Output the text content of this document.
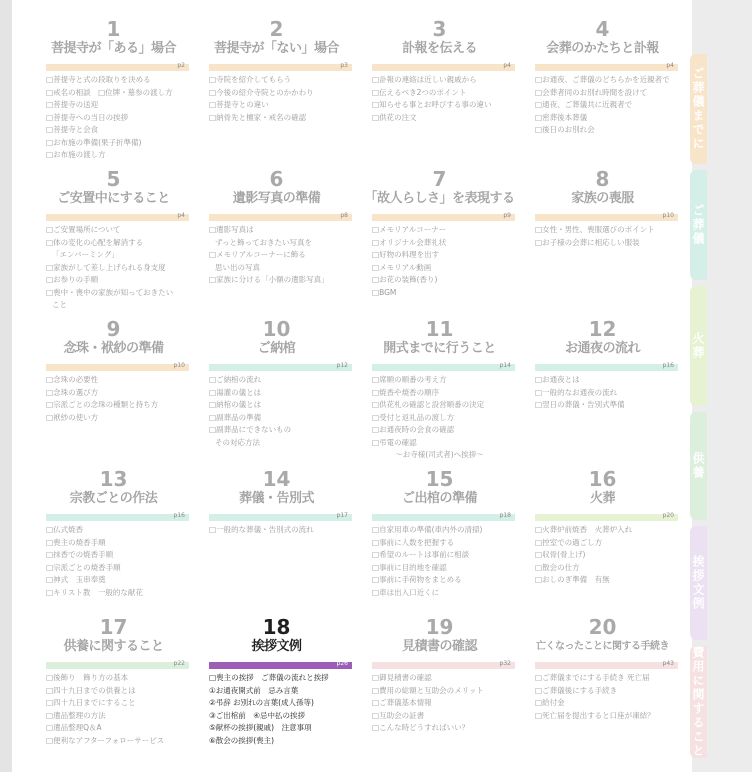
1
菩提寺が「ある」場合
p2
□菩提寺と式の段取りを決める
□戒名の相談　□位牌・墓参の渡し方
□菩提寺の送迎
□菩提寺への当日の挨拶
□菩提寺と会食
□お布施の準備(果子折準備)
□お布施の渡し方
2
菩提寺が「ない」場合
p3
□寺院を紹介してもらう
□今後の紹介寺院とのかかわり
□菩提寺との違い
□納骨先と檀家・戒名の確認
3
訃報を伝える
p4
□訃報の連絡は近しい親戚から
□伝えるべき2つのポイント
□知らせる事とお呼びする事の違い
□供花の注文
4
会葬のかたちと訃報
p4
□お通夜、ご葬儀のどちらかを近親者で
□会葬者同のお別れ時間を設けて
□通夜、ご葬儀共に近親者で
□密葬後本葬儀
□後日のお別れ会
5
ご安置中にすること
p4
□ご安置場所について
□体の変化の心配を解消する
「エンバーミング」
□家族がして差し上げられる身支度
□お参りの手順
□喪中・喪中の家族が知っておきたい
こと
6
遺影写真の準備
p8
□遺影写真は
ずっと飾っておきたい写真を
□メモリアルコーナーに飾る
思い出の写真
□家族に分ける「小額の遺影写真」
7
「故人らしさ」を表現する
p9
□メモリアルコーナー
□オリジナル会葬礼状
□好物の料理を出す
□メモリアル動画
□お花の装飾(香り)
□BGM
8
家族の喪服
p10
□女性・男性、喪服選びのポイント
□お子様の会葬に相応しい服装
9
念珠・袱紗の準備
p10
□念珠の必要性
□念珠の選び方
□宗派ごとの念珠の種類と持ち方
□袱紗の使い方
10
ご納棺
p12
□ご納棺の流れ
□湯灌の儀とは
□納棺の儀とは
□副葬品の準備
□副葬品にできないもの
その対応方法
11
開式までに行うこと
p14
□席順の順番の考え方
□焼香や焼香の順序
□供花札の確認と設営順番の決定
□受付と返礼品の渡し方
□お通夜時の会食の確認
□弔電の確認
～お寺様(司式者)へ挨拶～
12
お通夜の流れ
p16
□お通夜とは
□一般的なお通夜の流れ
□翌日の葬儀・告別式準備
13
宗教ごとの作法
p16
□仏式焼香
□喪主の焼香手順
□抹香での焼香手順
□宗派ごとの焼香手順
□神式　玉串奉奠
□キリスト教　一般的な献花
14
葬儀・告別式
p17
□一般的な葬儀・告別式の流れ
15
ご出棺の準備
p18
□自家用車の準備(車内外の清掃)
□事前に人数を把握する
□希望のルートは事前に相談
□事前に目的地を確認
□事前に手荷物をまとめる
□車は出入口近くに
16
火葬
p20
□火葬炉前焼香　火葬炉入れ
□控室での過ごし方
□収骨(骨上げ)
□散会の仕方
□おしのぎ準備　有無
17
供養に関すること
p22
□後飾り　飾り方の基本
□四十九日までの供養とは
□四十九日までにすること
□遺品整理の方法
□遺品整理Q＆A
□便利なアフターフォローサービス
18
挨拶文例
p26
□喪主の挨拶　ご葬儀の流れと挨拶
①お通夜開式前　忌み言葉
②弔辞 お別れの言葉(成人孫等)
③ご出棺前　④忌中払の挨拶
⑤献杯の挨拶(親戚)　注意事項
⑥散会の挨拶(喪主)
19
見積書の確認
p32
□御見積書の確認
□費用の総額と互助会のメリット
□ご葬儀基本情報
□互助会の証書
□こんな時どうすればいい？
20
亡くなったことに関する手続き
p43
□ご葬儀までにする手続き 死亡届
□ご葬儀後にする手続き
□給付金
□死亡届を提出すると口座が凍結？
ご葬儀までに
ご葬儀
火葬
供養
挨拶文例
費用に関すること
